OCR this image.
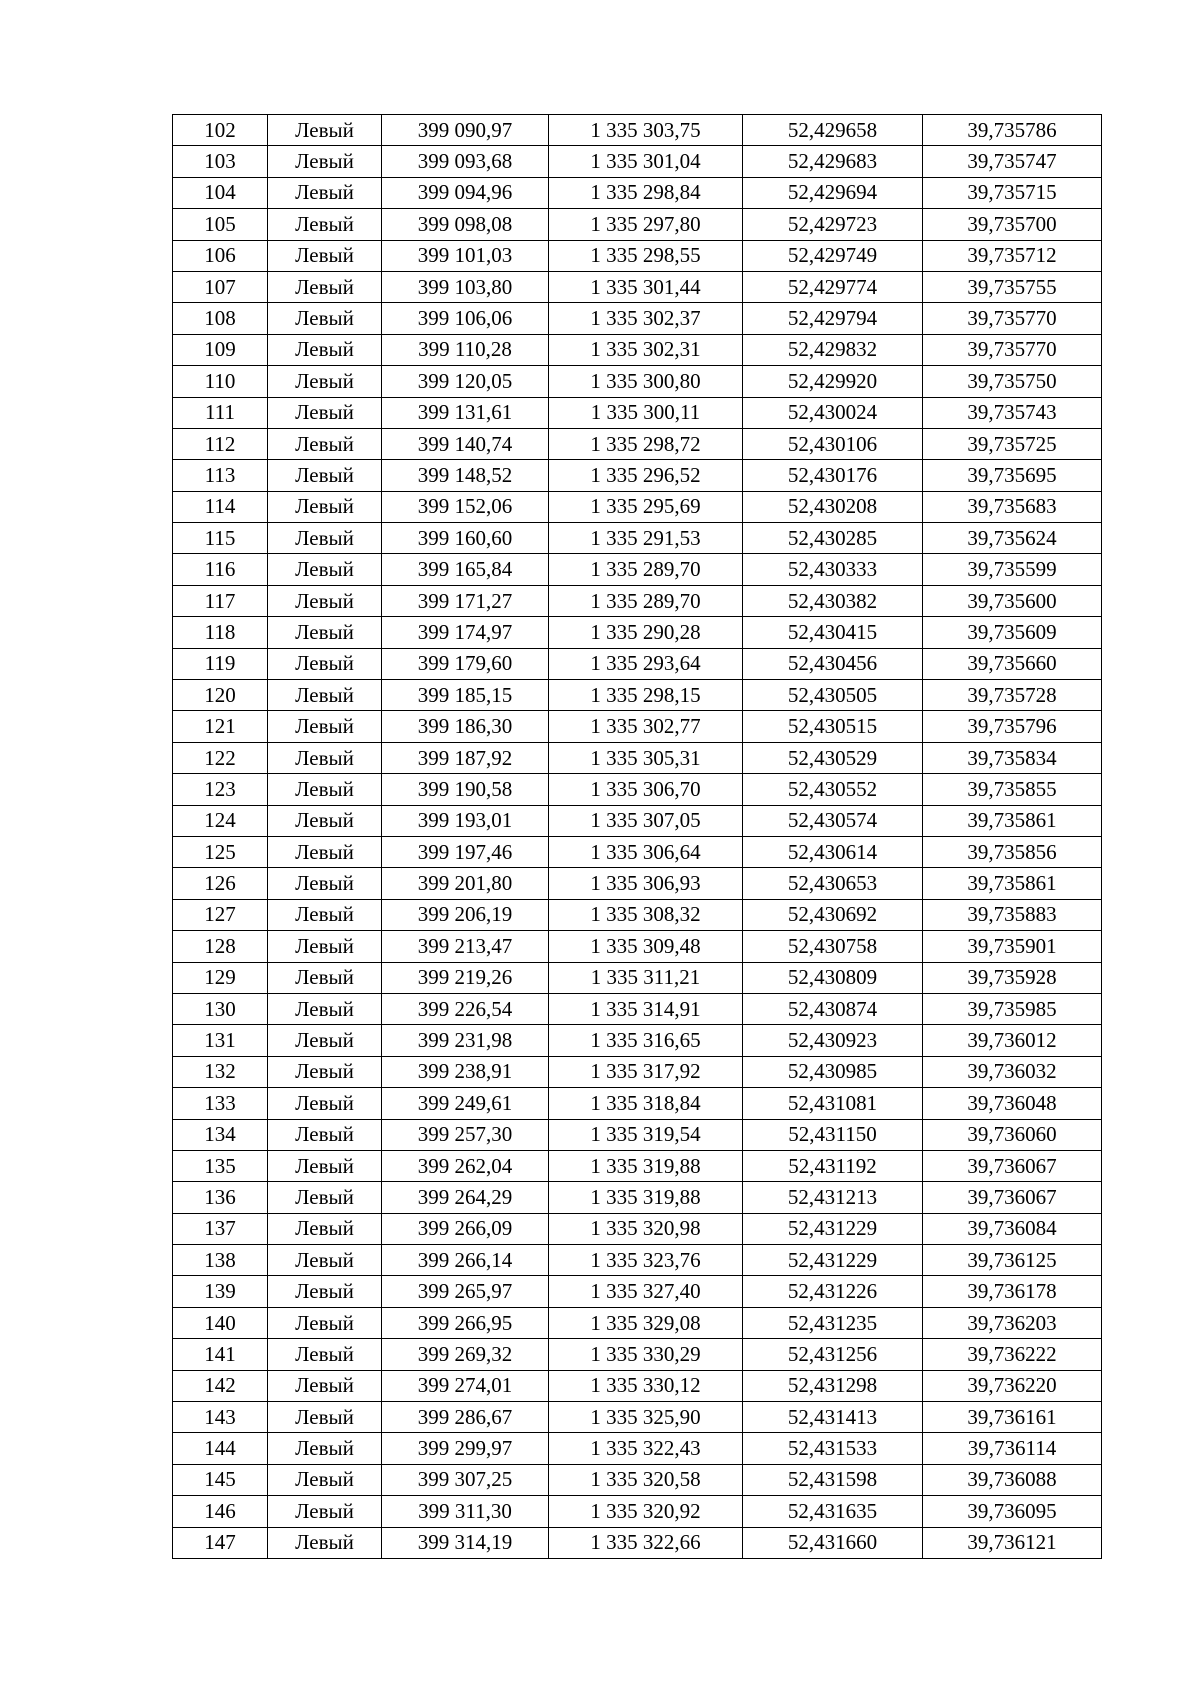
102	Левый	399 090,97	1 335 303,75	52,429658	39,735786
103	Левый	399 093,68	1 335 301,04	52,429683	39,735747
104	Левый	399 094,96	1 335 298,84	52,429694	39,735715
105	Левый	399 098,08	1 335 297,80	52,429723	39,735700
106	Левый	399 101,03	1 335 298,55	52,429749	39,735712
107	Левый	399 103,80	1 335 301,44	52,429774	39,735755
108	Левый	399 106,06	1 335 302,37	52,429794	39,735770
109	Левый	399 110,28	1 335 302,31	52,429832	39,735770
110	Левый	399 120,05	1 335 300,80	52,429920	39,735750
111	Левый	399 131,61	1 335 300,11	52,430024	39,735743
112	Левый	399 140,74	1 335 298,72	52,430106	39,735725
113	Левый	399 148,52	1 335 296,52	52,430176	39,735695
114	Левый	399 152,06	1 335 295,69	52,430208	39,735683
115	Левый	399 160,60	1 335 291,53	52,430285	39,735624
116	Левый	399 165,84	1 335 289,70	52,430333	39,735599
117	Левый	399 171,27	1 335 289,70	52,430382	39,735600
118	Левый	399 174,97	1 335 290,28	52,430415	39,735609
119	Левый	399 179,60	1 335 293,64	52,430456	39,735660
120	Левый	399 185,15	1 335 298,15	52,430505	39,735728
121	Левый	399 186,30	1 335 302,77	52,430515	39,735796
122	Левый	399 187,92	1 335 305,31	52,430529	39,735834
123	Левый	399 190,58	1 335 306,70	52,430552	39,735855
124	Левый	399 193,01	1 335 307,05	52,430574	39,735861
125	Левый	399 197,46	1 335 306,64	52,430614	39,735856
126	Левый	399 201,80	1 335 306,93	52,430653	39,735861
127	Левый	399 206,19	1 335 308,32	52,430692	39,735883
128	Левый	399 213,47	1 335 309,48	52,430758	39,735901
129	Левый	399 219,26	1 335 311,21	52,430809	39,735928
130	Левый	399 226,54	1 335 314,91	52,430874	39,735985
131	Левый	399 231,98	1 335 316,65	52,430923	39,736012
132	Левый	399 238,91	1 335 317,92	52,430985	39,736032
133	Левый	399 249,61	1 335 318,84	52,431081	39,736048
134	Левый	399 257,30	1 335 319,54	52,431150	39,736060
135	Левый	399 262,04	1 335 319,88	52,431192	39,736067
136	Левый	399 264,29	1 335 319,88	52,431213	39,736067
137	Левый	399 266,09	1 335 320,98	52,431229	39,736084
138	Левый	399 266,14	1 335 323,76	52,431229	39,736125
139	Левый	399 265,97	1 335 327,40	52,431226	39,736178
140	Левый	399 266,95	1 335 329,08	52,431235	39,736203
141	Левый	399 269,32	1 335 330,29	52,431256	39,736222
142	Левый	399 274,01	1 335 330,12	52,431298	39,736220
143	Левый	399 286,67	1 335 325,90	52,431413	39,736161
144	Левый	399 299,97	1 335 322,43	52,431533	39,736114
145	Левый	399 307,25	1 335 320,58	52,431598	39,736088
146	Левый	399 311,30	1 335 320,92	52,431635	39,736095
147	Левый	399 314,19	1 335 322,66	52,431660	39,736121
